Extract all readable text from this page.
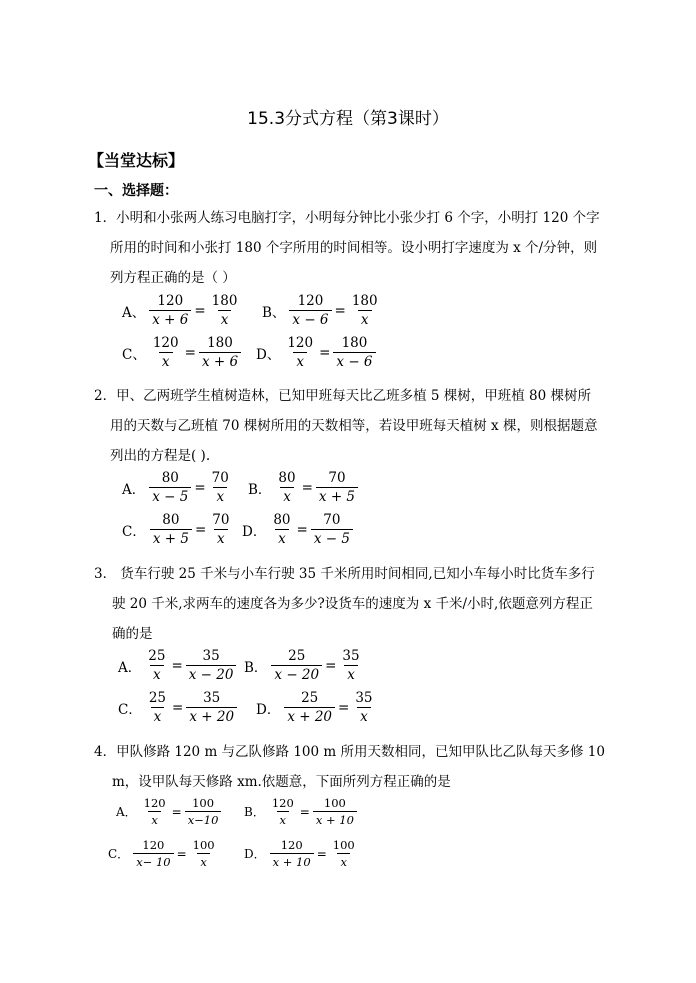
15.3分式方程（第3课时）
【当堂达标】
一、选择题：
1．小明和小张两人练习电脑打字，小明每分钟比小张少打 6 个字，小明打 120 个字
所用的时间和小张打 180 个字所用的时间相等。设小明打字速度为 x 个/分钟，则
列方程正确的是（ ）
A、 $\frac{120}{x + 6} = \frac{180}{x}$ B、 $\frac{120}{x - 6} = \frac{180}{x}$
C、 $\frac{120}{x} = \frac{180}{x + 6}$ D、 $\frac{120}{x} = \frac{180}{x - 6}$
2．甲、乙两班学生植树造林，已知甲班每天比乙班多植 5 棵树，甲班植 80 棵树所
用的天数与乙班植 70 棵树所用的天数相等，若设甲班每天植树 x 棵，则根据题意
列出的方程是( ).
A． $\frac{80}{x - 5} = \frac{70}{x}$ B． $\frac{80}{x} = \frac{70}{x + 5}$
C． $\frac{80}{x + 5} = \frac{70}{x}$ D． $\frac{80}{x} = \frac{70}{x - 5}$
3． 货车行驶 25 千米与小车行驶 35 千米所用时间相同,已知小车每小时比货车多行
驶 20 千米,求两车的速度各为多少?设货车的速度为 x 千米/小时,依题意列方程正
确的是
A． $\frac{25}{x} = \frac{35}{x - 20}$ B． $\frac{25}{x - 20} = \frac{35}{x}$
C． $\frac{25}{x} = \frac{35}{x + 20}$ D． $\frac{25}{x + 20} = \frac{35}{x}$
4．甲队修路 120 m 与乙队修路 100 m 所用天数相同，已知甲队比乙队每天多修 10
m，设甲队每天修路 xm.依题意，下面所列方程正确的是
A． $\frac{120}{x} = \frac{100}{x-10}$ B． $\frac{120}{x} = \frac{100}{x + 10}$
C． $\frac{120}{x- 10} = \frac{100}{x}$ D． $\frac{120}{x + 10} = \frac{100}{x}$
